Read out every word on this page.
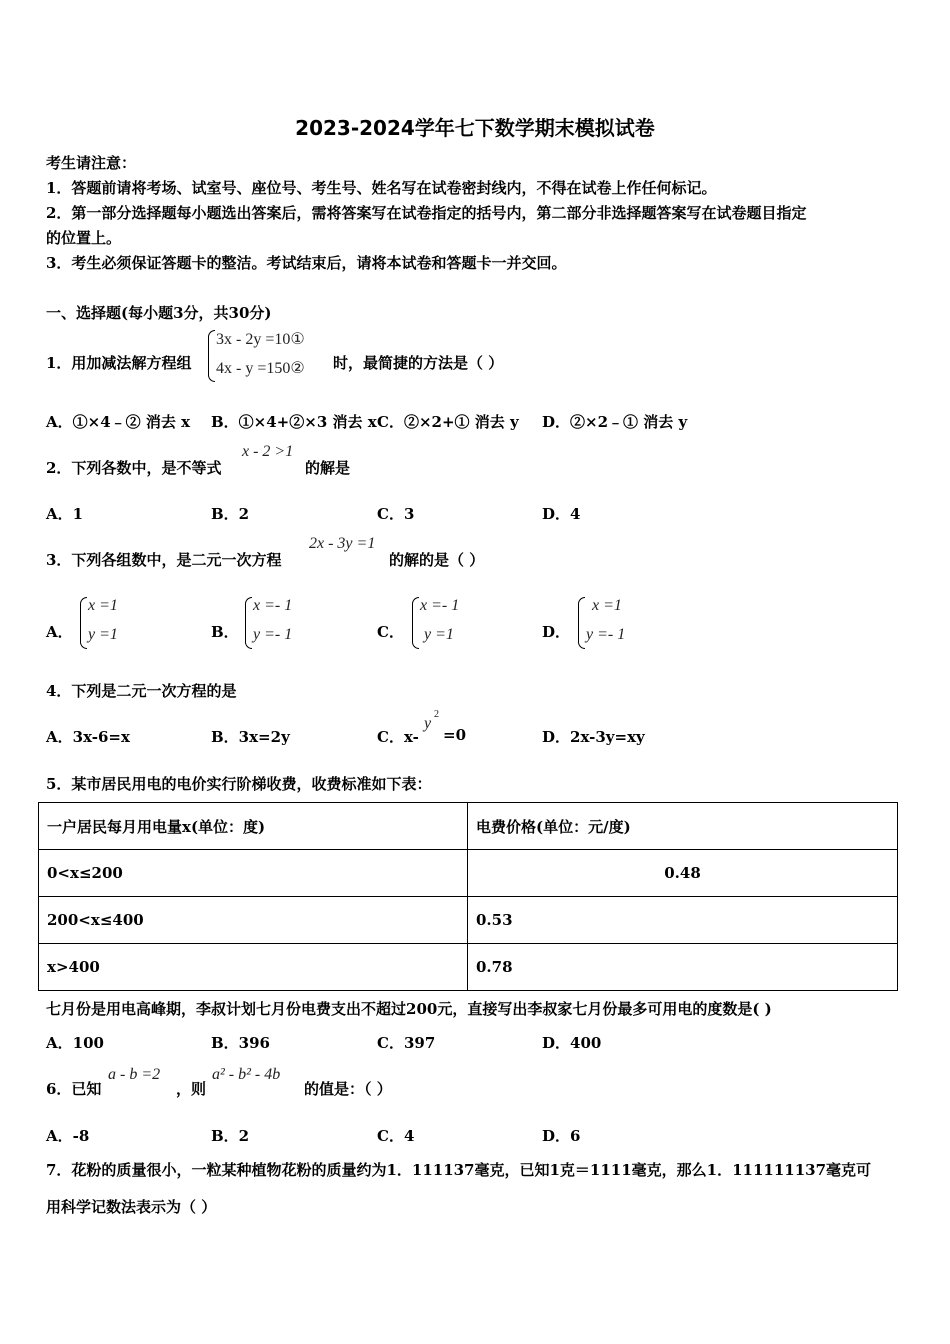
2023-2024学年七下数学期末模拟试卷
考生请注意：
1．答题前请将考场、试室号、座位号、考生号、姓名写在试卷密封线内，不得在试卷上作任何标记。
2．第一部分选择题每小题选出答案后，需将答案写在试卷指定的括号内，第二部分非选择题答案写在试卷题目指定
的位置上。
3．考生必须保证答题卡的整洁。考试结束后，请将本试卷和答题卡一并交回。
一、选择题(每小题3分，共30分)
1．用加减法解方程组
3x - 2y =10①
4x - y =150② 时，最简捷的方法是（ ）
A．①×4﹣② 消去 x B．①×4+②×3 消去 x C．②×2+① 消去 y D．②×2﹣① 消去 y
2．下列各数中，是不等式
x - 2 >1
的解是
A．1	B．2	C．3	D．4
3．下列各组数中，是二元一次方程
2x - 3y =1
的解的是（ ）
A．
x =1
y =1	B．
x =- 1
y =- 1	C．
x =- 1
y =1	D．
x =1
y =- 1
4．下列是二元一次方程的是
A．3x-6=x	B．3x=2y	C．x-
y
2
=0	D．2x-3y=xy
5．某市居民用电的电价实行阶梯收费，收费标准如下表：
一户居民每月用电量x(单位：度)	电费价格(单位：元/度)
0<x≤200	0.48
200<x≤400	0.53
x>400	0.78
七月份是用电高峰期，李叔计划七月份电费支出不超过200元，直接写出李叔家七月份最多可用电的度数是( )
A．100	B．396	C．397	D．400
6．已知
a - b =2
，则
a² - b² - 4b
的值是：（ ）
A．-8	B．2	C．4	D．6
7．花粉的质量很小，一粒某种植物花粉的质量约为1．111137毫克，已知1克＝1111毫克，那么1．111111137毫克可
用科学记数法表示为（ ）
